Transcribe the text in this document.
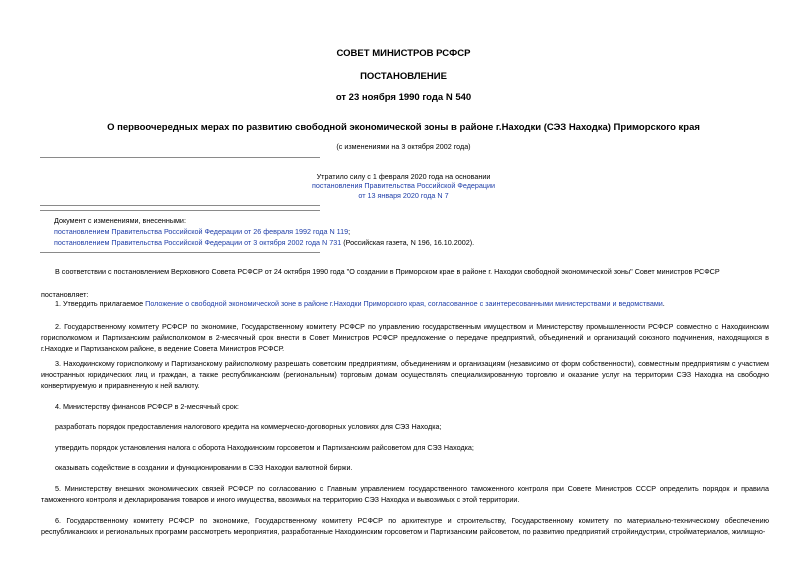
СОВЕТ МИНИСТРОВ РСФСР
ПОСТАНОВЛЕНИЕ
от 23 ноября 1990 года N 540
О первоочередных мерах по развитию свободной экономической зоны в районе г.Находки (СЭЗ Находка) Приморского края
(с изменениями на 3 октября 2002 года)
Утратило силу с 1 февраля 2020 года на основании
постановления Правительства Российской Федерации
от 13 января 2020 года N 7
Документ с изменениями, внесенными:
постановлением Правительства Российской Федерации от 26 февраля 1992 года N 119;
постановлением Правительства Российской Федерации от 3 октября 2002 года N 731 (Российская газета, N 196, 16.10.2002).
В соответствии с постановлением Верховного Совета РСФСР от 24 октября 1990 года "О создании в Приморском крае в районе г. Находки свободной экономической зоны" Совет министров РСФСР
постановляет:
1. Утвердить прилагаемое Положение о свободной экономической зоне в районе г.Находки Приморского края, согласованное с заинтересованными министерствами и ведомствами.
2. Государственному комитету РСФСР по экономике, Государственному комитету РСФСР по управлению государственным имуществом и Министерству промышленности РСФСР совместно с Находкинским горисполкомом и Партизанским райисполкомом в 2-месячный срок внести в Совет Министров РСФСР предложение о передаче предприятий, объединений и организаций союзного подчинения, находящихся в г.Находке и Партизанском районе, в ведение Совета Министров РСФСР.
3. Находкинскому горисполкому и Партизанскому райисполкому разрешать советским предприятиям, объединениям и организациям (независимо от форм собственности), совместным предприятиям с участием иностранных юридических лиц и граждан, а также республиканским (региональным) торговым домам осуществлять специализированную торговлю и оказание услуг на территории СЭЗ Находка на свободно конвертируемую и приравненную к ней валюту.
4. Министерству финансов РСФСР в 2-месячный срок:
разработать порядок предоставления налогового кредита на коммерческо-договорных условиях для СЭЗ Находка;
утвердить порядок установления налога с оборота Находкинским горсоветом и Партизанским райсоветом для СЭЗ Находка;
оказывать содействие в создании и функционировании в СЭЗ Находки валютной биржи.
5. Министерству внешних экономических связей РСФСР по согласованию с Главным управлением государственного таможенного контроля при Совете Министров СССР определить порядок и правила таможенного контроля и декларирования товаров и иного имущества, ввозимых на территорию СЭЗ Находка и вывозимых с этой территории.
6. Государственному комитету РСФСР по экономике, Государственному комитету РСФСР по архитектуре и строительству, Государственному комитету по материально-техническому обеспечению республиканских и региональных программ рассмотреть мероприятия, разработанные Находкинским горсоветом и Партизанским райсоветом, по развитию предприятий стройиндустрии, стройматериалов, жилищно-
